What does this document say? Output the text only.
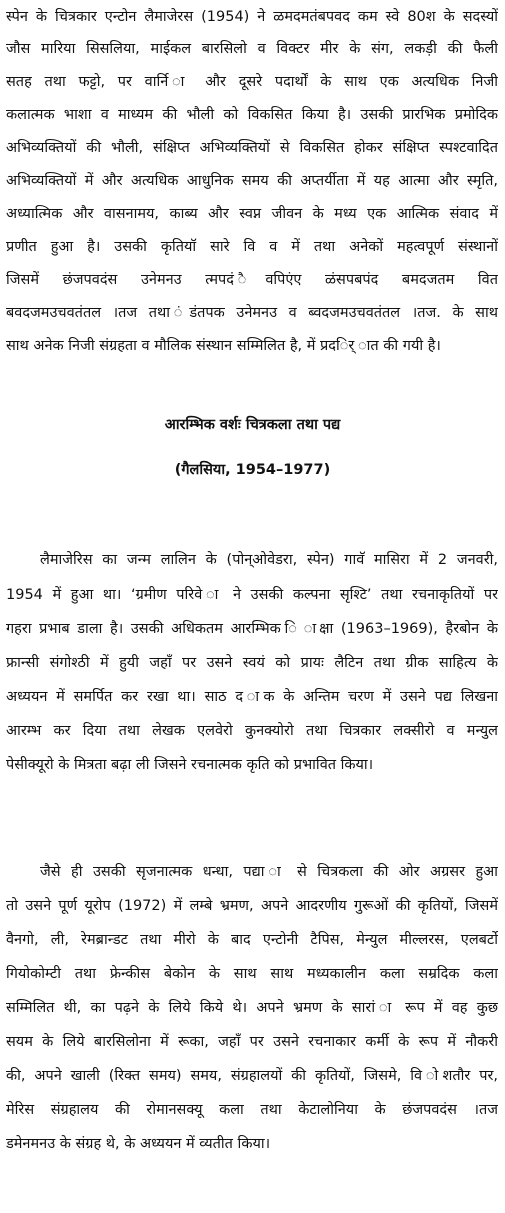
स्पेन के चित्रकार एन्टोन लैमाजेरस (1954) ने ळमदमतंबपवद कम स्वे 80श के सदस्यों
जौस मारिया सिसलिया, माईकल बारसिलो व विक्टर मीर के संग, लकड़ी की फैली
सतह तथा फट्टो, पर वार्नि ा और दूसरे पदार्थों के साथ एक अत्यधिक निजी
कलात्मक भाशा व माध्यम की भौली को विकसित किया है। उसकी प्रारभिक प्रमोदिक
अभिव्यक्तियों की भौली, संक्षिप्त अभिव्यक्तियों से विकसित होकर संक्षिप्त स्पश्टवादित
अभिव्यक्तियों में और अत्यधिक आधुनिक समय की अप्तर्यीता में यह आत्मा और स्मृति,
अध्यात्मिक और वासनामय, काब्य और स्वप्न जीवन के मध्य एक आत्मिक संवाद में
प्रणीत हुआ है। उसकी कृतियॉ सारे वि व में तथा अनेकों महत्वपूर्ण संस्थानों
जिसमें छंजपवदंस उनेमनउ त्मपदं ैवपिएंए ळंसपबपंद बमदजतम वित
बवदजमउचवतंतल ।तज तथा ंडंतपक उनेमनउ व ब्वदजमउचवतंतल ।तज. के साथ
साथ अनेक निजी संग्रहता व मौलिक संस्थान सम्मिलित है, में प्रदर्ि ात की गयी है।
आरम्भिक वर्शः चित्रकला तथा पद्य
(गैलसिया, 1954–1977)
लैमाजेरिस का जन्म लालिन के (पोन्ओवेडरा, स्पेन) गावॅ मासिरा में 2 जनवरी,
1954 में हुआ था। ‘ग्रमीण परिवे ा ने उसकी कल्पना सृश्टि’ तथा रचनाकृतियों पर
गहरा प्रभाब डाला है। उसकी अधिकतम आरम्भिक ि ाक्षा (1963–1969), हैरबोन के
फ्रान्सी संगोश्ठी में हुयी जहॉं पर उसने स्वयं को प्रायः लैटिन तथा ग्रीक साहित्य के
अध्ययन में समर्पित कर रखा था। साठ द ाक के अन्तिम चरण में उसने पद्य लिखना
आरम्भ कर दिया तथा लेखक एलवेरो कुनक्योरो तथा चित्रकार लक्सीरो व मन्युल
पेसीक्यूरो के मित्रता बढ़ा ली जिसने रचनात्मक कृति को प्रभावित किया।
जैसे ही उसकी सृजनात्मक धन्धा, पद्या ा से चित्रकला की ओर अग्रसर हुआ
तो उसने पूर्ण यूरोप (1972) में लम्बे भ्रमण, अपने आदरणीय गुरूओं की कृतियों, जिसमें
वैनगो, ली, रेमब्रान्डट तथा मीरो के बाद एन्टोनी टैपिस, मेन्युल मील्लरस, एलबर्टो
गियोकोम्टी तथा फ्रेन्कीस बेकोन के साथ साथ मध्यकालीन कला सम्रदिक कला
सम्मिलित थी, का पढ़ने के लिये किये थे। अपने भ्रमण के सारां ा रूप में वह कुछ
सयम के लिये बारसिलोना में रूका, जहॉं पर उसने रचनाकार कर्मी के रूप में नौकरी
की, अपने खाली (रिक्त समय) समय, संग्रहालयों की कृतियों, जिसमे, वि ोशतौर पर,
मेरिस संग्रहालय की रोमानसक्यू कला तथा केटालोनिया के छंजपवदंस ।तज
डमेनमनउ के संग्रह थे, के अध्ययन में व्यतीत किया।
